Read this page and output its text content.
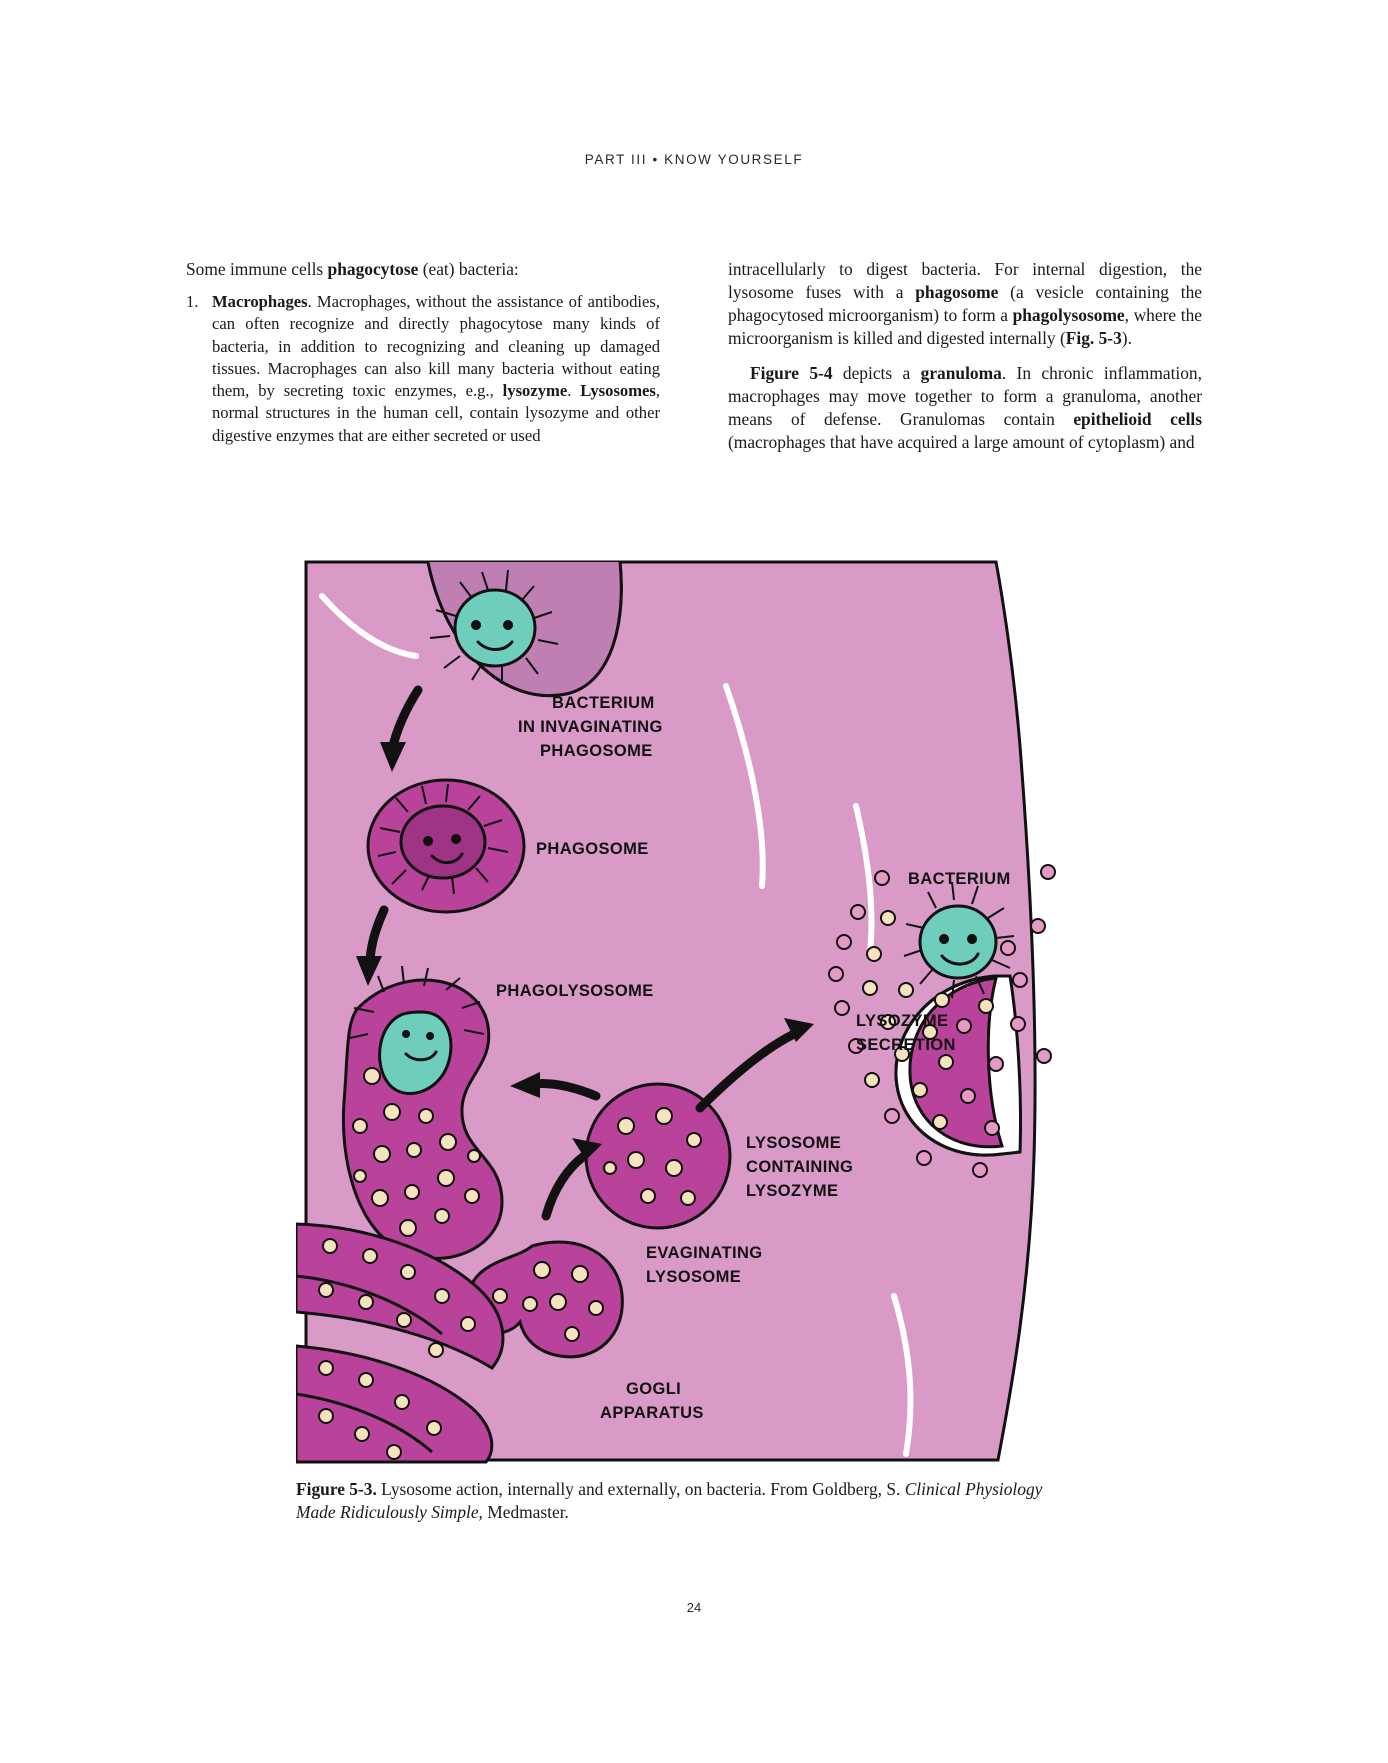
PART III • KNOW YOURSELF

Some immune cells phagocytose (eat) bacteria:

1. Macrophages. Macrophages, without the assistance of antibodies, can often recognize and directly phagocytose many kinds of bacteria, in addition to recognizing and cleaning up damaged tissues. Macrophages can also kill many bacteria without eating them, by secreting toxic enzymes, e.g., lysozyme. Lysosomes, normal structures in the human cell, contain lysozyme and other digestive enzymes that are either secreted or used

intracellularly to digest bacteria. For internal digestion, the lysosome fuses with a phagosome (a vesicle containing the phagocytosed microorganism) to form a phagolysosome, where the microorganism is killed and digested internally (Fig. 5-3).

Figure 5-4 depicts a granuloma. In chronic inflammation, macrophages may move together to form a granuloma, another means of defense. Granulomas contain epithelioid cells (macrophages that have acquired a large amount of cytoplasm) and

BACTERIUM
IN INVAGINATING
PHAGOSOME
PHAGOSOME
PHAGOLYSOSOME
LYSOSOME
CONTAINING
LYSOZYME
EVAGINATING
LYSOSOME
GOGLI
APPARATUS
BACTERIUM
LYSOZYME
SECRETION
Figure 5-3. Lysosome action, internally and externally, on bacteria. From Goldberg, S. Clinical Physiology Made Ridiculously Simple, Medmaster.
24
